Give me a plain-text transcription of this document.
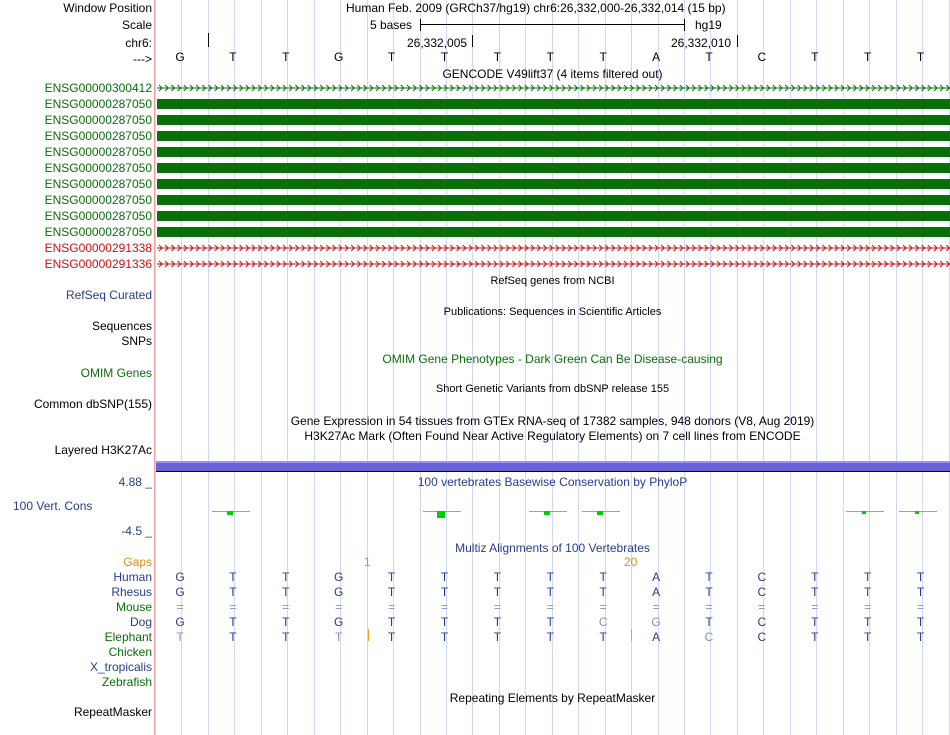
Window Position	Human Feb. 2009 (GRCh37/hg19) chr6:26,332,000-26,332,014 (15 bp)
Scale	5 bases	hg19
chr6:	26,332,005	26,332,010
--->	G	T	T	G	T	T	T	T	T	A	T	C	T	T	T
GENCODE V49lift37 (4 items filtered out)
ENSG00000300412
ENSG00000287050
ENSG00000287050
ENSG00000287050
ENSG00000287050
ENSG00000287050
ENSG00000287050
ENSG00000287050
ENSG00000287050
ENSG00000287050
ENSG00000291338
ENSG00000291336
RefSeq genes from NCBI
RefSeq Curated
Publications: Sequences in Scientific Articles
Sequences
SNPs
OMIM Gene Phenotypes - Dark Green Can Be Disease-causing
OMIM Genes
Short Genetic Variants from dbSNP release 155
Common dbSNP(155)
Gene Expression in 54 tissues from GTEx RNA-seq of 17382 samples, 948 donors (V8, Aug 2019)
H3K27Ac Mark (Often Found Near Active Regulatory Elements) on 7 cell lines from ENCODE
Layered H3K27Ac
100 vertebrates Basewise Conservation by PhyloP
4.88 _
100 Vert. Cons
-4.5 _
Multiz Alignments of 100 Vertebrates
Gaps	1	20
Human	G	T	T	G	T	T	T	T	T	A	T	C	T	T	T
Rhesus	G	T	T	G	T	T	T	T	T	A	T	C	T	T	T
Mouse	=	=	=	=	=	=	=	=	=	=	=	=	=	=	=
Dog	G	T	T	G	T	T	T	T	C	G	T	C	T	T	T
Elephant	T	T	T	T	T	T	T	T	T	A	C	C	T	T	T
Chicken
X_tropicalis
Zebrafish
Repeating Elements by RepeatMasker
RepeatMasker
